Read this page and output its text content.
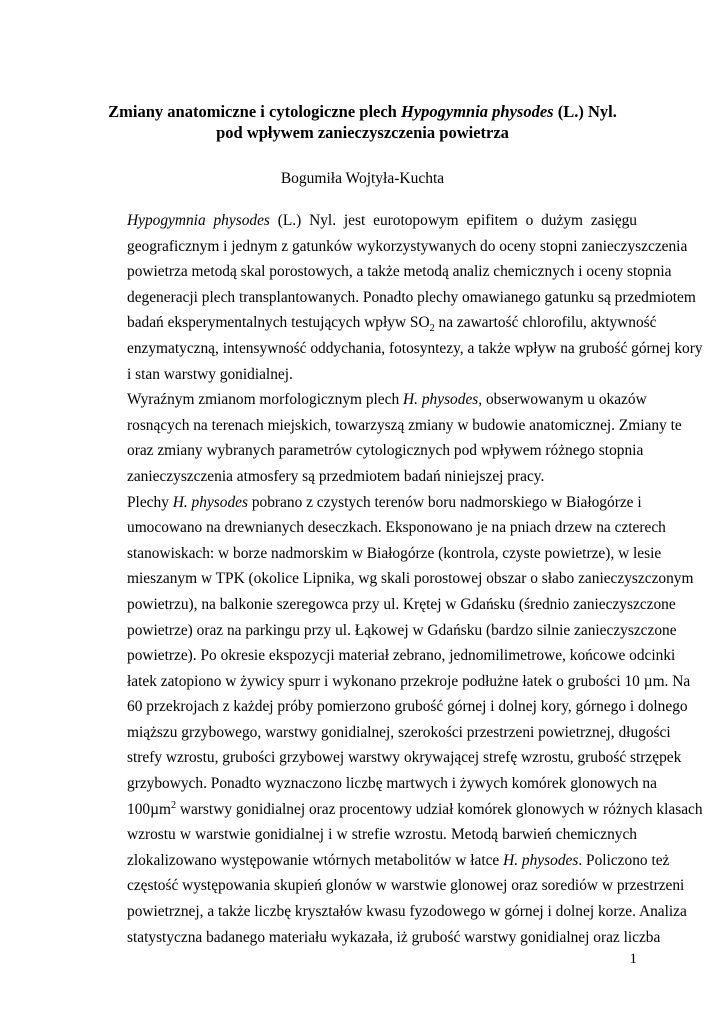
Zmiany anatomiczne i cytologiczne plech Hypogymnia physodes (L.) Nyl.
pod wpływem zanieczyszczenia powietrza
Bogumiła Wojtyła-Kuchta

Hypogymnia physodes (L.) Nyl. jest eurotopowym epifitem o dużym zasięgu
geograficznym i jednym z gatunków wykorzystywanych do oceny stopni zanieczyszczenia
powietrza metodą skal porostowych, a także metodą analiz chemicznych i oceny stopnia
degeneracji plech transplantowanych. Ponadto plechy omawianego gatunku są przedmiotem
badań eksperymentalnych testujących wpływ $SO_2$ na zawartość chlorofilu, aktywność
enzymatyczną, intensywność oddychania, fotosyntezy, a także wpływ na grubość górnej kory
i stan warstwy gonidialnej.

Wyraźnym zmianom morfologicznym plech H. physodes, obserwowanym u okazów
rosnących na terenach miejskich, towarzyszą zmiany w budowie anatomicznej. Zmiany te
oraz zmiany wybranych parametrów cytologicznych pod wpływem różnego stopnia
zanieczyszczenia atmosfery są przedmiotem badań niniejszej pracy.

Plechy H. physodes pobrano z czystych terenów boru nadmorskiego w Białogórze i
umocowano na drewnianych deseczkach. Eksponowano je na pniach drzew na czterech
stanowiskach: w borze nadmorskim w Białogórze (kontrola, czyste powietrze), w lesie
mieszanym w TPK (okolice Lipnika, wg skali porostowej obszar o słabo zanieczyszczonym
powietrzu), na balkonie szeregowca przy ul. Krętej w Gdańsku (średnio zanieczyszczone
powietrze) oraz na parkingu przy ul. Łąkowej w Gdańsku (bardzo silnie zanieczyszczone
powietrze). Po okresie ekspozycji materiał zebrano, jednomilimetrowe, końcowe odcinki
łatek zatopiono w żywicy spurr i wykonano przekroje podłużne łatek o grubości 10 µm. Na
60 przekrojach z każdej próby pomierzono grubość górnej i dolnej kory, górnego i dolnego
miąższu grzybowego, warstwy gonidialnej, szerokości przestrzeni powietrznej, długości
strefy wzrostu, grubości grzybowej warstwy okrywającej strefę wzrostu, grubość strzępek
grzybowych. Ponadto wyznaczono liczbę martwych i żywych komórek glonowych na
100µm$^2$ warstwy gonidialnej oraz procentowy udział komórek glonowych w różnych klasach
wzrostu w warstwie gonidialnej i w strefie wzrostu. Metodą barwień chemicznych
zlokalizowano występowanie wtórnych metabolitów w łatce H. physodes. Policzono też
częstość występowania skupień glonów w warstwie glonowej oraz sorediów w przestrzeni
powietrznej, a także liczbę kryształów kwasu fyzodowego w górnej i dolnej korze. Analiza
statystyczna badanego materiału wykazała, iż grubość warstwy gonidialnej oraz liczba

1
